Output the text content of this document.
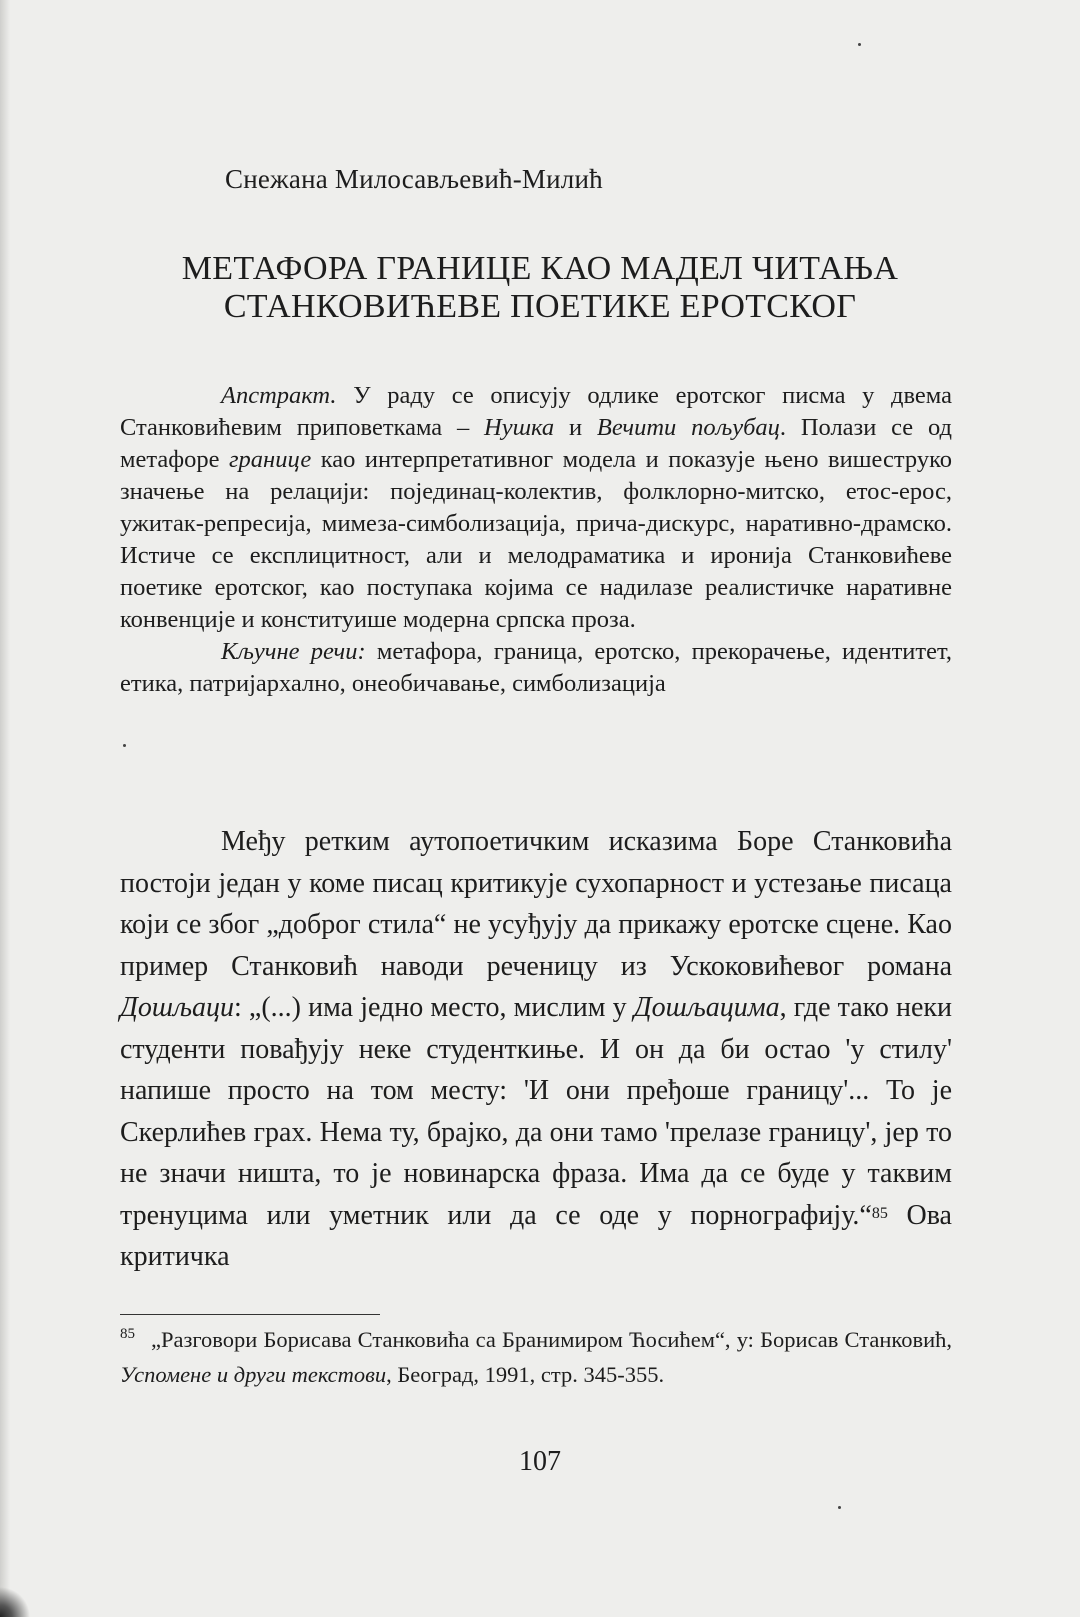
Снежана Милосављевић-Милић
МЕТАФОРА ГРАНИЦЕ КАО МАДЕЛ ЧИТАЊА
СТАНКОВИЋЕВЕ ПОЕТИКЕ ЕРОТСКОГ

Апстракт. У раду се описују одлике еротског писма у двема Станковићевим приповеткама – Нушка и Вечити пољубац. Полази се од метафоре границе као интерпретативног модела и показује њено вишеструко значење на релацији: појединац-колектив, фолклорно-митско, етос-ерос, ужитак-репресија, мимеза-симболизација, прича-дискурс, наративно-драмско. Истиче се експлицитност, али и мелодраматика и иронија Станковићеве поетике еротског, као поступака којима се надилазе реалистичке наративне конвенције и конституише модерна српска проза.

Кључне речи: метафора, граница, еротско, прекорачење, идентитет, етика, патријархално, онеобичавање, симболизација

Међу ретким аутопоетичким исказима Боре Станковића постоји један у коме писац критикује сухопарност и устезање писаца који се због „доброг стила“ не усуђују да прикажу еротске сцене. Као пример Станковић наводи реченицу из Ускоковићевог романа Дошљаци: „(...) има једно место, мислим у Дошљацима, где тако неки студенти повађују неке студенткиње. И он да би остао 'у стилу' напише просто на том месту: 'И они пређоше границу'... То је Скерлићев грах. Нема ту, брајко, да они тамо 'прелазе границу', јер то не значи ништа, то је новинарска фраза. Има да се буде у таквим тренуцима или уметник или да се оде у порнографију.“$^{85}$ Ова критичка

$^{85}$ „Разговори Борисава Станковића са Бранимиром Ћосићем“, у: Борисав Станковић, Успомене и други текстови, Београд, 1991, стр. 345-355.
107
